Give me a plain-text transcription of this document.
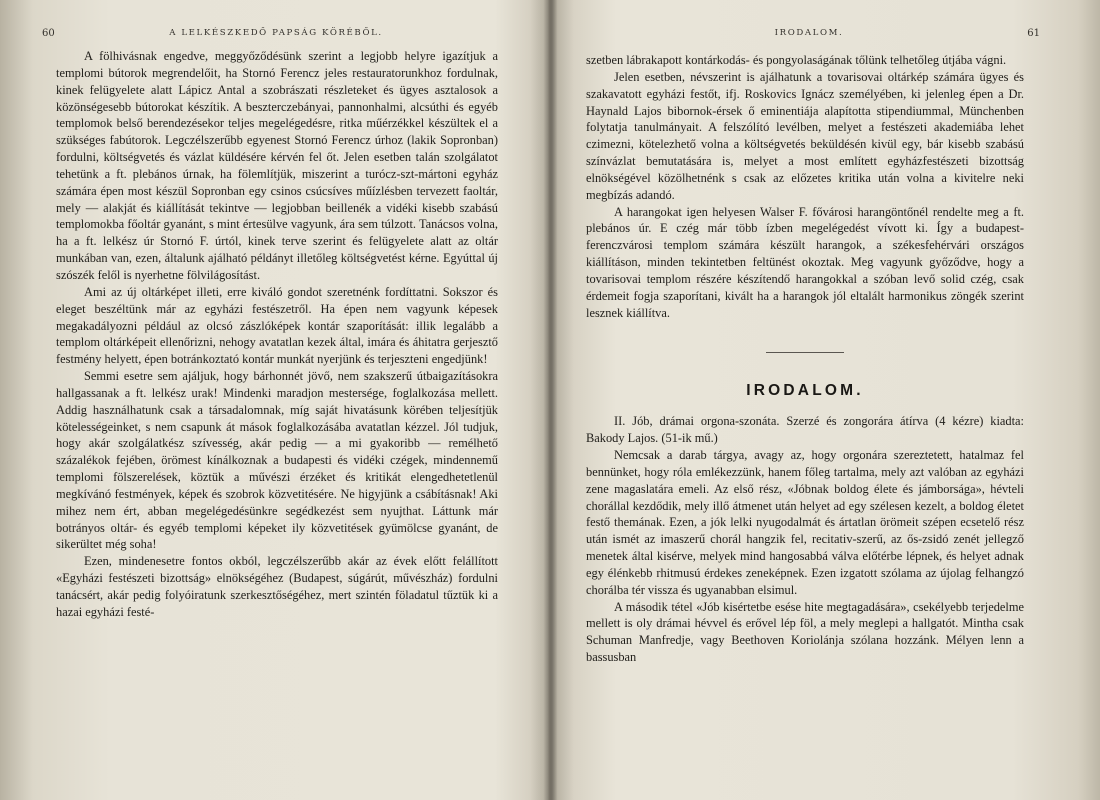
60	A LELKÉSZKEDŐ PAPSÁG KÖRÉBŐL.

A fölhivásnak engedve, meggyőződésünk szerint a legjobb helyre igazítjuk a templomi bútorok megrendelőit, ha Stornó Ferencz jeles restauratorunkhoz fordulnak, kinek felügyelete alatt Lápicz Antal a szobrászati részleteket és ügyes asztalosok a közönségesebb bútorokat készítik. A beszterczebányai, pannonhalmi, alcsúthi és egyéb templomok belső berendezésekor teljes megelégedésre, ritka műérzékkel készültek el a szükséges fabútorok. Legczélszerűbb egyenest Stornó Ferencz úrhoz (lakik Sopronban) fordulni, költségvetés és vázlat küldésére kérvén fel őt. Jelen esetben talán szolgálatot tehetünk a ft. plebános úrnak, ha fölemlítjük, miszerint a turócz-szt-mártoni egyház számára épen most készül Sopronban egy csinos csúcsíves műízlésben tervezett faoltár, mely — alakját és kiállítását tekintve — legjobban beillenék a vidéki kisebb szabású templomokba főoltár gyanánt, s mint értesülve vagyunk, ára sem túlzott. Tanácsos volna, ha a ft. lelkész úr Stornó F. úrtól, kinek terve szerint és felügyelete alatt az oltár munkában van, ezen, általunk ajálható példányt illetőleg költségvetést kérne. Egyúttal új szószék felől is nyerhetne fölvilágosítást.

Ami az új oltárképet illeti, erre kiváló gondot szeretnénk fordíttatni. Sokszor és eleget beszéltünk már az egyházi festészetről. Ha épen nem vagyunk képesek megakadályozni például az olcsó zászlóképek kontár szaporítását: illik legalább a templom oltárképeit ellenőrizni, nehogy avatatlan kezek által, imára és áhitatra gerjesztő festmény helyett, épen botránkoztató kontár munkát nyerjünk és terjeszteni engedjünk!

Semmi esetre sem ajáljuk, hogy bárhonnét jövő, nem szakszerű útbaigazításokra hallgassanak a ft. lelkész urak! Mindenki maradjon mestersége, foglalkozása mellett. Addig használhatunk csak a társadalomnak, míg saját hivatásunk körében teljesítjük kötelességeinket, s nem csapunk át mások foglalkozásába avatatlan kézzel. Jól tudjuk, hogy akár szolgálatkész szívesség, akár pedig — a mi gyakoribb — remélhető százalékok fejében, örömest kínálkoznak a budapesti és vidéki czégek, mindennemű templomi fölszerelések, köztük a művészi érzéket és kritikát elengedhetetlenül megkívánó festmények, képek és szobrok közvetitésére. Ne higyjünk a csábításnak! Aki mihez nem ért, abban megelégedésünkre segédkezést sem nyujthat. Láttunk már botrányos oltár- és egyéb templomi képeket ily közvetitések gyümölcse gyanánt, de sikerültet még soha!

Ezen, mindenesetre fontos okból, legczélszerűbb akár az évek előtt felállított «Egyházi festészeti bizottság» elnökségéhez (Budapest, súgárút, művészház) fordulni tanácsért, akár pedig folyóiratunk szerkesztőségéhez, mert szintén föladatul tűztük ki a hazai egyházi festé-

IRODALOM.	61

szetben lábrakapott kontárkodás- és pongyolaságának tőlünk telhetőleg útjába vágni.

Jelen esetben, névszerint is ajálhatunk a tovarisovai oltárkép számára ügyes és szakavatott egyházi festőt, ifj. Roskovics Ignácz személyében, ki jelenleg épen a Dr. Haynald Lajos bibornok-érsek ő eminentiája alapította stipendiummal, Münchenben folytatja tanulmányait. A felszólító levélben, melyet a festészeti akademiába lehet czimezni, kötelezhető volna a költségvetés beküldésén kivül egy, bár kisebb szabású színvázlat bemutatására is, melyet a most említett egyházfestészeti bizottság elnökségével közölhetnénk s csak az előzetes kritika után volna a kivitelre neki megbízás adandó.

A harangokat igen helyesen Walser F. fővárosi harangöntőnél rendelte meg a ft. plebános úr. E czég már több ízben megelégedést vívott ki. Így a budapest-ferenczvárosi templom számára készült harangok, a székesfehérvári országos kiállításon, minden tekintetben feltünést okoztak. Meg vagyunk győződve, hogy a tovarisovai templom részére készítendő harangokkal a szóban levő solid czég, csak érdemeit fogja szaporítani, kivált ha a harangok jól eltalált harmonikus zöngék szerint lesznek kiállítva.

IRODALOM.

II. Jób, drámai orgona-szonáta. Szerzé és zongorára átírva (4 kézre) kiadta: Bakody Lajos. (51-ik mű.)

Nemcsak a darab tárgya, avagy az, hogy orgonára szereztetett, hatalmaz fel bennünket, hogy róla emlékezzünk, hanem főleg tartalma, mely azt valóban az egyházi zene magaslatára emeli. Az első rész, «Jóbnak boldog élete és jámborsága», hévteli chorállal kezdődik, mely illő átmenet után helyet ad egy szélesen kezelt, a boldog életet festő themának. Ezen, a jók lelki nyugodalmát és ártatlan örömeit szépen ecsetelő rész után ismét az imaszerű chorál hangzik fel, recitativ-szerű, az ős-zsidó zenét jellegző menetek által kisérve, melyek mind hangosabbá válva előtérbe lépnek, és helyet adnak egy élénkebb rhitmusú érdekes zeneképnek. Ezen izgatott szólama az újolag felhangzó chorálba tér vissza és ugyanabban elsimul.

A második tétel «Jób kisértetbe esése hite megtagadására», csekélyebb terjedelme mellett is oly drámai hévvel és erővel lép föl, a mely meglepi a hallgatót. Mintha csak Schuman Manfredje, vagy Beethoven Koriolánja szólana hozzánk. Mélyen lenn a bassusban
